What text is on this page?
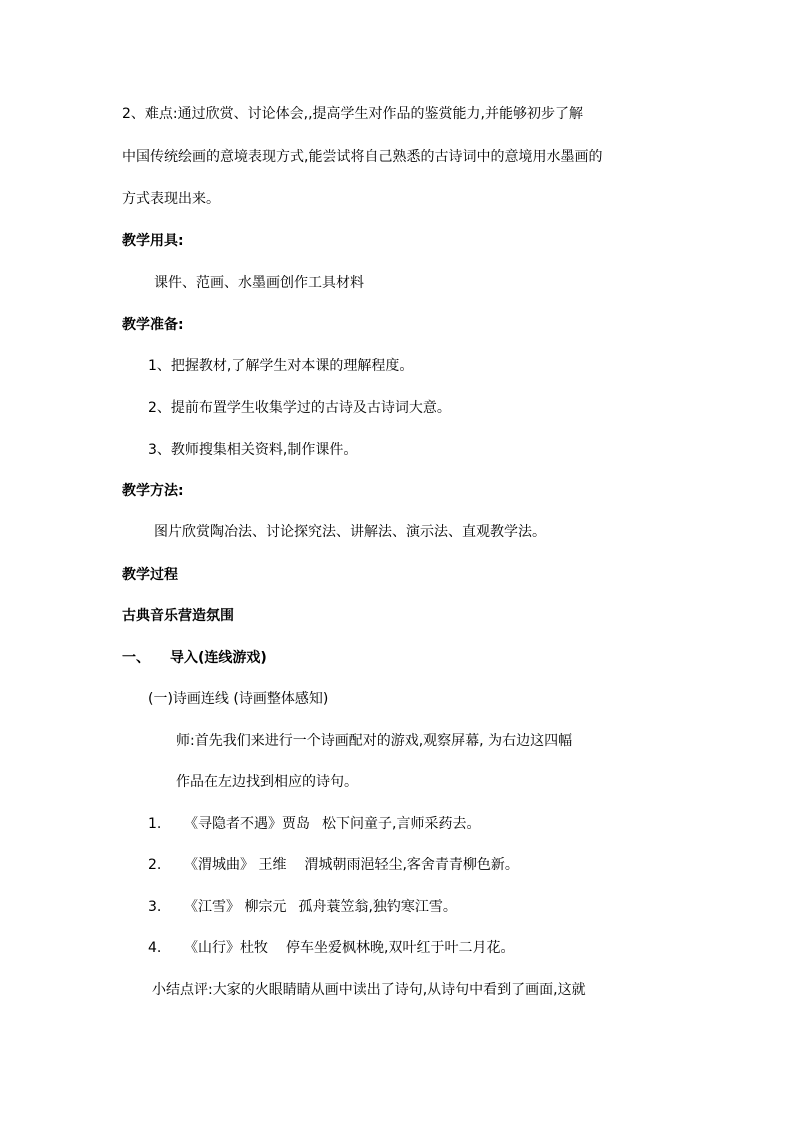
2、难点:通过欣赏、讨论体会,,提高学生对作品的鉴赏能力,并能够初步了解
中国传统绘画的意境表现方式,能尝试将自己熟悉的古诗词中的意境用水墨画的
方式表现出来。
教学用具:
课件、范画、水墨画创作工具材料
教学准备:
1、把握教材,了解学生对本课的理解程度。
2、提前布置学生收集学过的古诗及古诗词大意。
3、教师搜集相关资料,制作课件。
教学方法:
图片欣赏陶冶法、讨论探究法、讲解法、演示法、直观教学法。
教学过程
古典音乐营造氛围
一、 导入(连线游戏)
(一)诗画连线 (诗画整体感知)
师:首先我们来进行一个诗画配对的游戏,观察屏幕, 为右边这四幅
作品在左边找到相应的诗句。
1. 《寻隐者不遇》贾岛 松下问童子,言师采药去。
2. 《渭城曲》 王维 渭城朝雨浥轻尘,客舍青青柳色新。
3. 《江雪》 柳宗元 孤舟蓑笠翁,独钓寒江雪。
4. 《山行》杜牧 停车坐爱枫林晚,双叶红于叶二月花。
小结点评:大家的火眼睛睛从画中读出了诗句,从诗句中看到了画面,这就
